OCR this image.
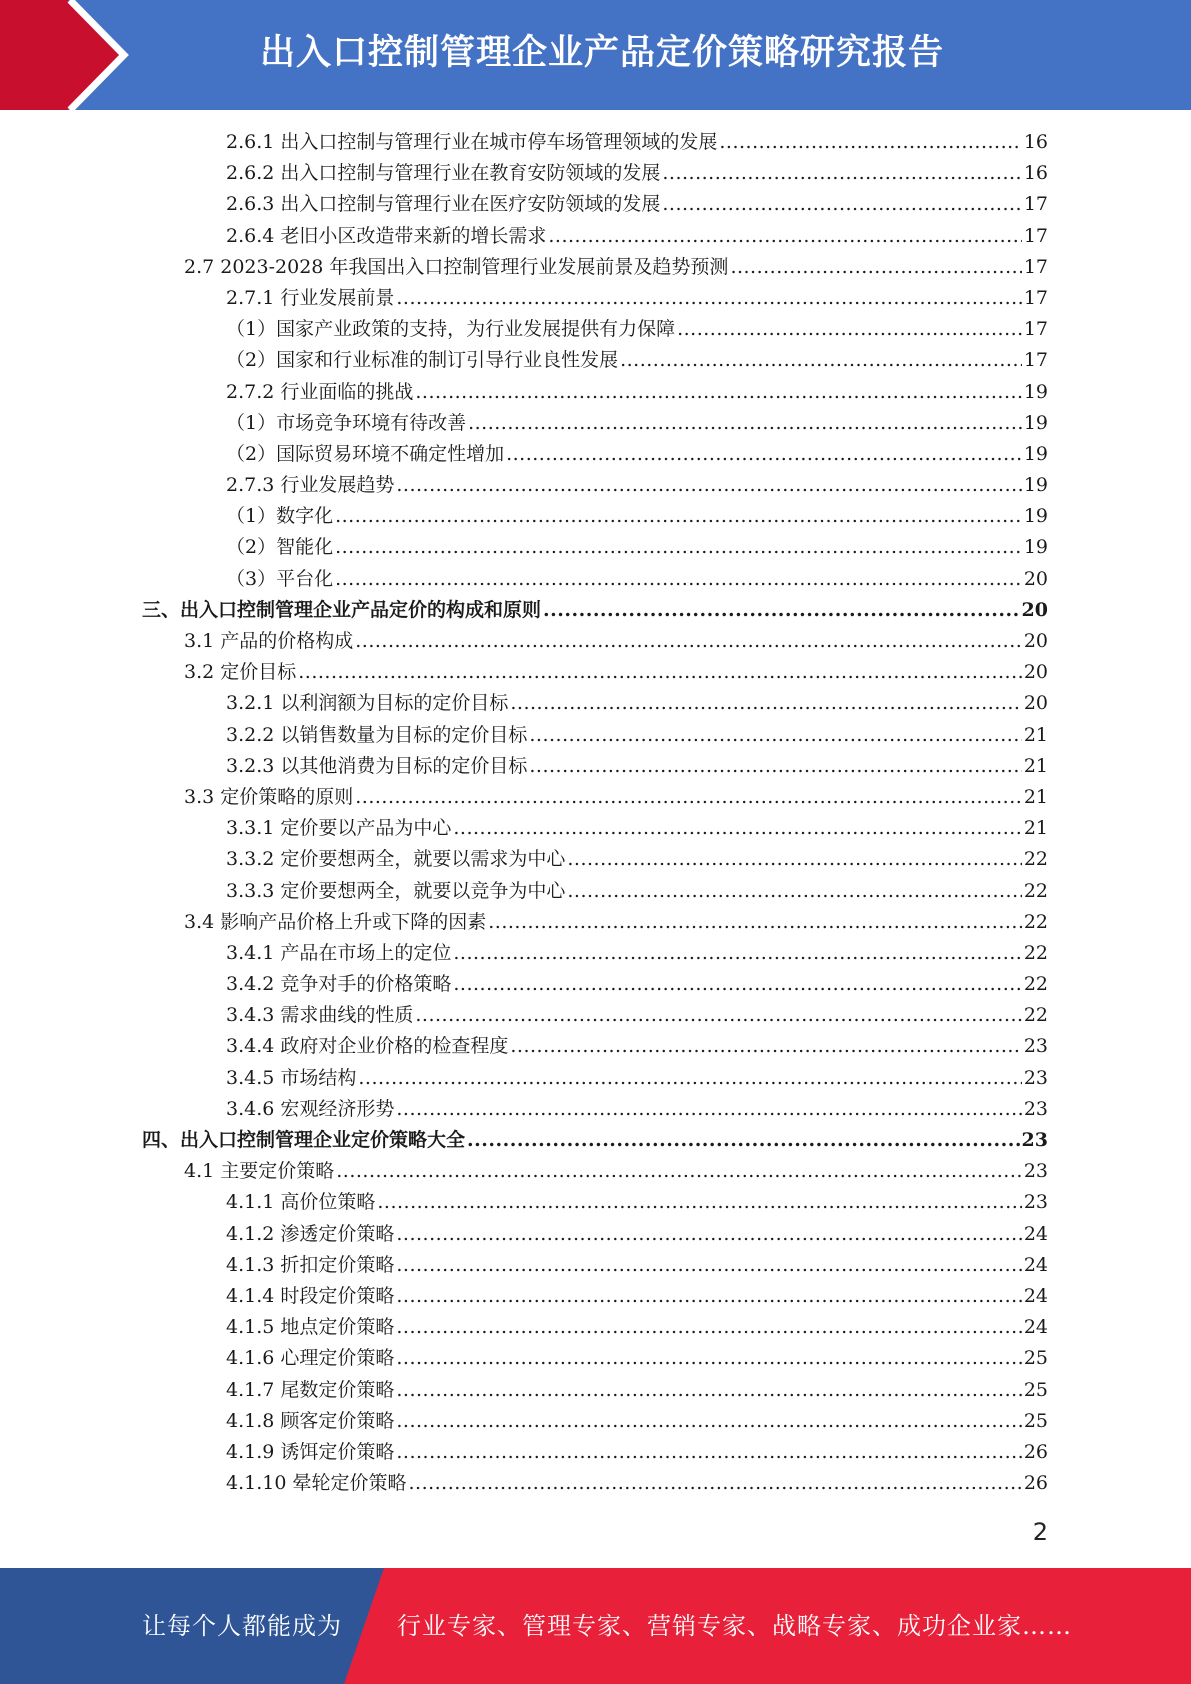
出入口控制管理企业产品定价策略研究报告
2.6.1 出入口控制与管理行业在城市停车场管理领域的发展 .....	16
2.6.2 出入口控制与管理行业在教育安防领域的发展 .....	16
2.6.3 出入口控制与管理行业在医疗安防领域的发展 .....	17
2.6.4 老旧小区改造带来新的增长需求 .....	17
2.7 2023-2028 年我国出入口控制管理行业发展前景及趋势预测 .....	17
2.7.1 行业发展前景 .....	17
（1）国家产业政策的支持，为行业发展提供有力保障 .....	17
（2）国家和行业标准的制订引导行业良性发展 .....	17
2.7.2 行业面临的挑战 .....	19
（1）市场竞争环境有待改善 .....	19
（2）国际贸易环境不确定性增加 .....	19
2.7.3 行业发展趋势 .....	19
（1）数字化 .....	19
（2）智能化 .....	19
（3）平台化 .....	20
三、出入口控制管理企业产品定价的构成和原则 .....	20
3.1 产品的价格构成 .....	20
3.2 定价目标 .....	20
3.2.1 以利润额为目标的定价目标 .....	20
3.2.2 以销售数量为目标的定价目标 .....	21
3.2.3 以其他消费为目标的定价目标 .....	21
3.3 定价策略的原则 .....	21
3.3.1 定价要以产品为中心 .....	21
3.3.2 定价要想两全，就要以需求为中心 .....	22
3.3.3 定价要想两全，就要以竞争为中心 .....	22
3.4 影响产品价格上升或下降的因素 .....	22
3.4.1 产品在市场上的定位 .....	22
3.4.2 竞争对手的价格策略 .....	22
3.4.3 需求曲线的性质 .....	22
3.4.4 政府对企业价格的检查程度 .....	23
3.4.5 市场结构 .....	23
3.4.6 宏观经济形势 .....	23
四、出入口控制管理企业定价策略大全 .....	23
4.1 主要定价策略 .....	23
4.1.1 高价位策略 .....	23
4.1.2 渗透定价策略 .....	24
4.1.3 折扣定价策略 .....	24
4.1.4 时段定价策略 .....	24
4.1.5 地点定价策略 .....	24
4.1.6 心理定价策略 .....	25
4.1.7 尾数定价策略 .....	25
4.1.8 顾客定价策略 .....	25
4.1.9 诱饵定价策略 .....	26
4.1.10 晕轮定价策略 .....	26
2
让每个人都能成为 行业专家、管理专家、营销专家、战略专家、成功企业家……
